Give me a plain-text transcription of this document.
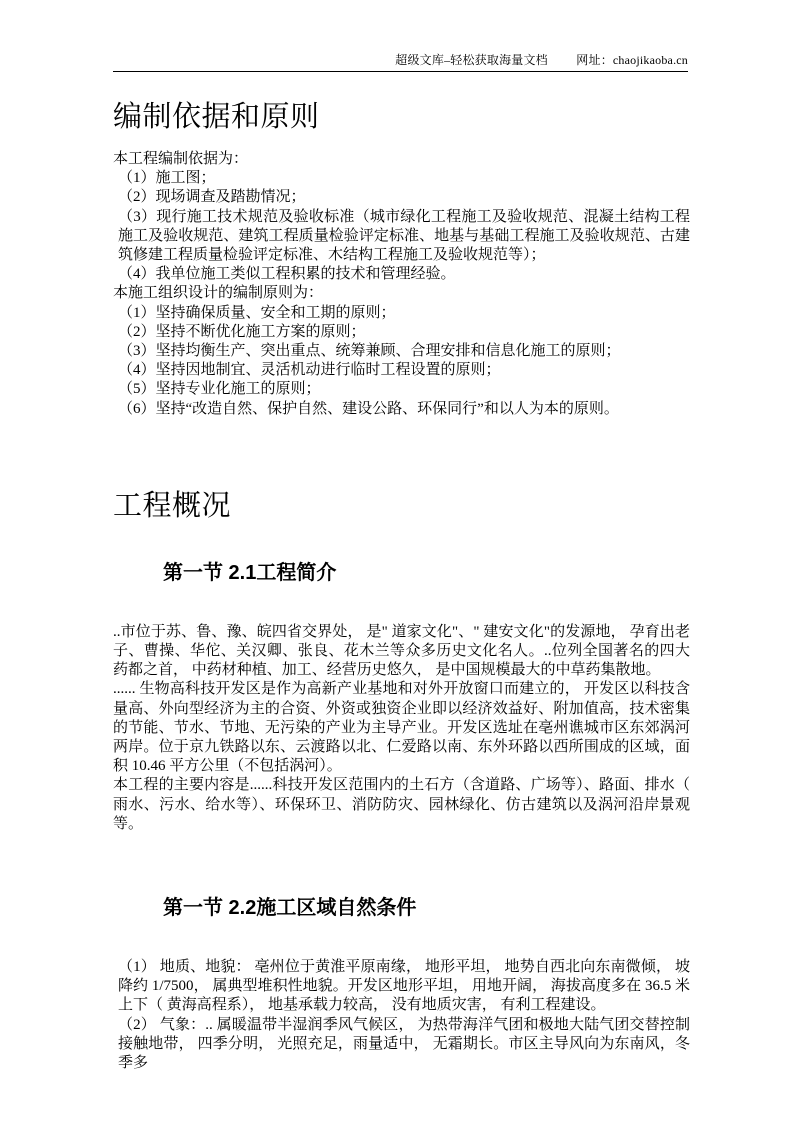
超级文库–轻松获取海量文档 网址：chaojikaoba.cn
编制依据和原则

本工程编制依据为：

（1）施工图；

（2）现场调查及踏勘情况；

（3）现行施工技术规范及验收标准（城市绿化工程施工及验收规范、混凝土结构工程施工及验收规范、建筑工程质量检验评定标准、地基与基础工程施工及验收规范、古建筑修建工程质量检验评定标准、木结构工程施工及验收规范等）；

（4）我单位施工类似工程积累的技术和管理经验。

本施工组织设计的编制原则为：

（1）坚持确保质量、安全和工期的原则；

（2）坚持不断优化施工方案的原则；

（3）坚持均衡生产、突出重点、统筹兼顾、合理安排和信息化施工的原则；

（4）坚持因地制宜、灵活机动进行临时工程设置的原则；

（5）坚持专业化施工的原则；

（6）坚持“改造自然、保护自然、建设公路、环保同行”和以人为本的原则。

工程概况
第一节 2.1工程简介

..市位于苏、鲁、豫、皖四省交界处， 是" 道家文化"、" 建安文化"的发源地， 孕育出老子、曹操、华佗、关汉卿、张良、花木兰等众多历史文化名人。..位列全国著名的四大药都之首， 中药材种植、加工、经营历史悠久， 是中国规模最大的中草药集散地。

...... 生物高科技开发区是作为高新产业基地和对外开放窗口而建立的， 开发区以科技含量高、外向型经济为主的合资、外资或独资企业即以经济效益好、附加值高，技术密集的节能、节水、节地、无污染的产业为主导产业。开发区选址在亳州谯城市区东郊涡河两岸。位于京九铁路以东、云渡路以北、仁爱路以南、东外环路以西所围成的区域，面积 10.46 平方公里（不包括涡河）。

本工程的主要内容是......科技开发区范围内的土石方（含道路、广场等）、路面、排水（ 雨水、污水、给水等）、环保环卫、消防防灾、园林绿化、仿古建筑以及涡河沿岸景观等。

第一节 2.2施工区域自然条件

（1） 地质、地貌： 亳州位于黄淮平原南缘， 地形平坦， 地势自西北向东南微倾， 坡降约 1/7500， 属典型堆积性地貌。开发区地形平坦， 用地开阔， 海拔高度多在 36.5 米上下（ 黄海高程系）， 地基承载力较高， 没有地质灾害， 有利工程建设。

（2） 气象：.. 属暖温带半湿润季风气候区， 为热带海洋气团和极地大陆气团交替控制接触地带， 四季分明， 光照充足，雨量适中， 无霜期长。市区主导风向为东南风，冬季多
